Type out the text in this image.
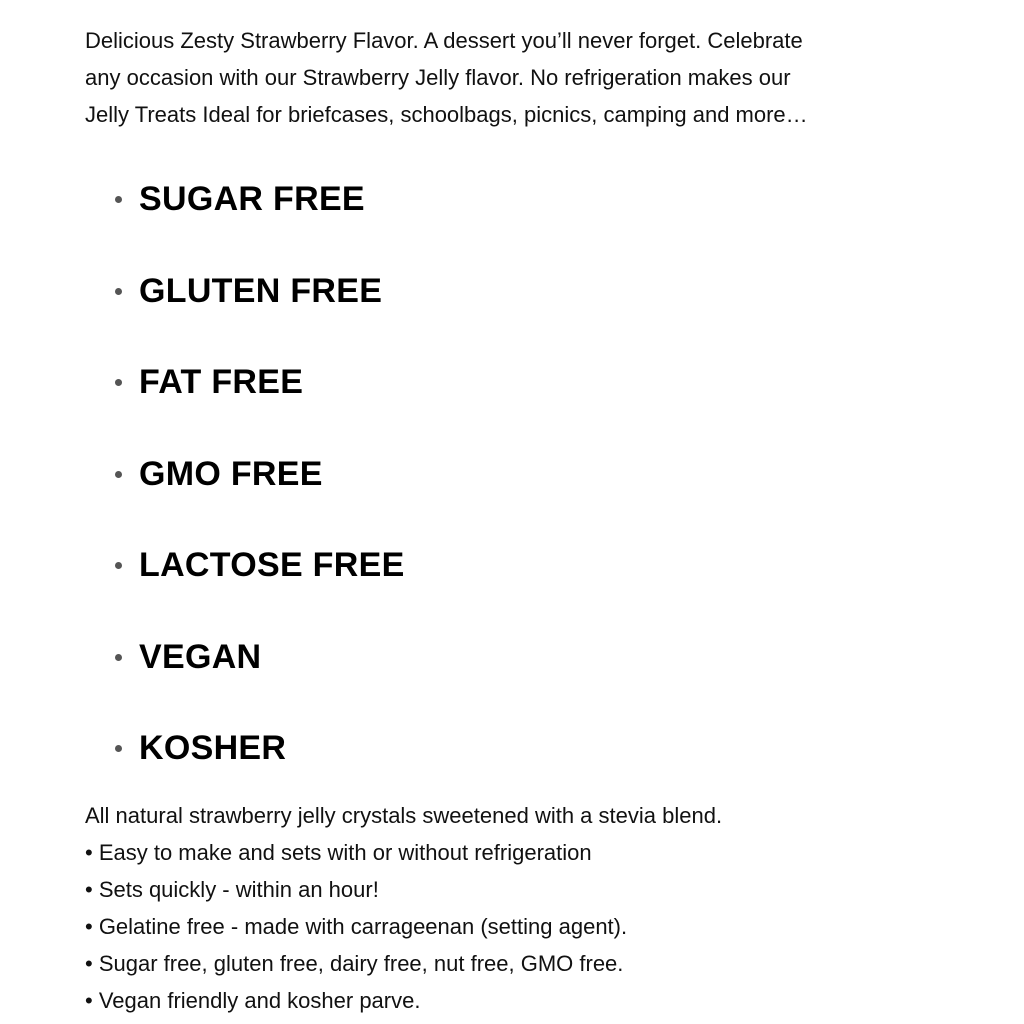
Delicious Zesty Strawberry Flavor. A dessert you’ll never forget. Celebrate
any occasion with our Strawberry Jelly flavor. No refrigeration makes our
Jelly Treats Ideal for briefcases, schoolbags, picnics, camping and more…

SUGAR FREE
GLUTEN FREE
FAT FREE
GMO FREE
LACTOSE FREE
VEGAN
KOSHER
All natural strawberry jelly crystals sweetened with a stevia blend.
• Easy to make and sets with or without refrigeration
• Sets quickly - within an hour!
• Gelatine free - made with carrageenan (setting agent).
• Sugar free, gluten free, dairy free, nut free, GMO free.
• Vegan friendly and kosher parve.
